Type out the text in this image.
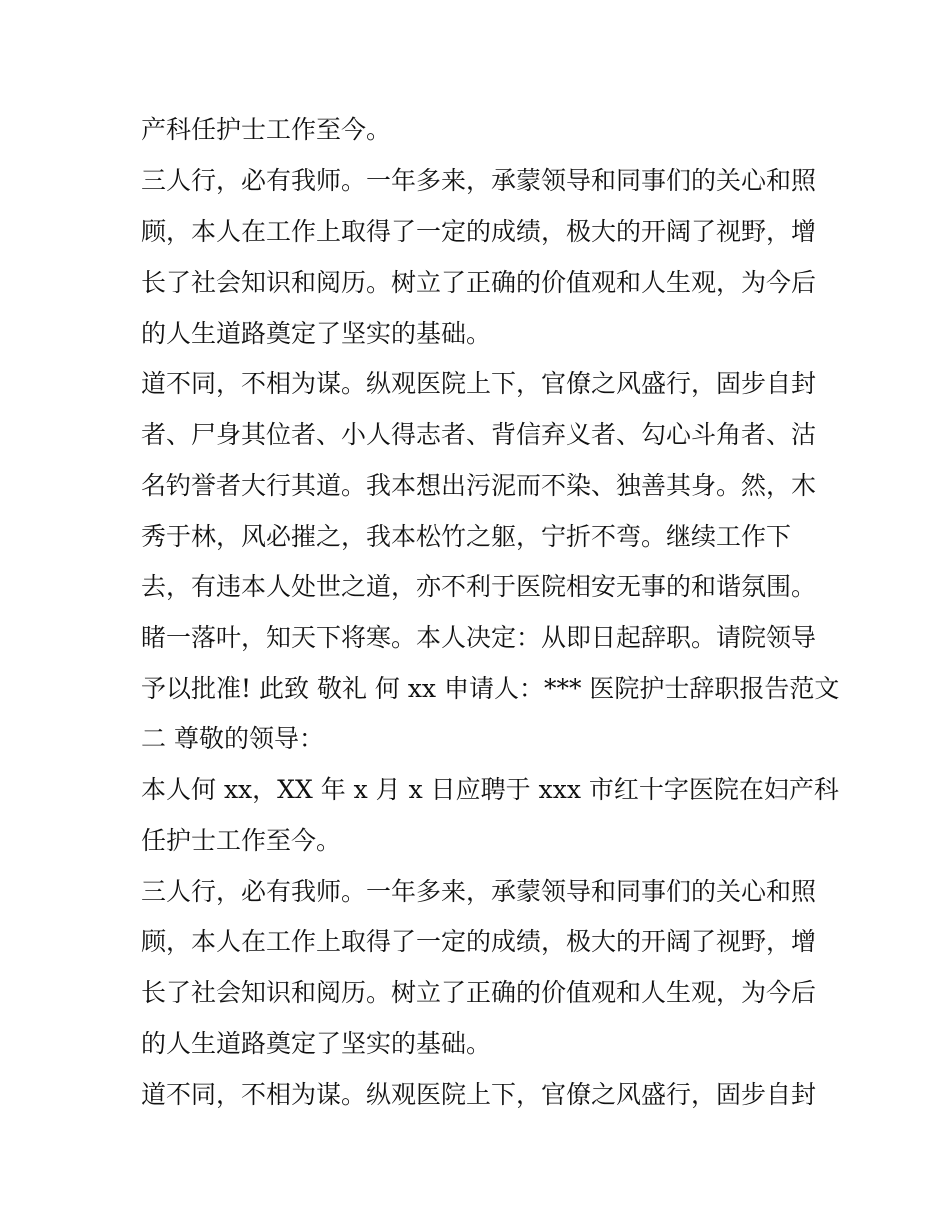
产科任护士工作至今。
三人行，必有我师。一年多来，承蒙领导和同事们的关心和照
顾，本人在工作上取得了一定的成绩，极大的开阔了视野，增
长了社会知识和阅历。树立了正确的价值观和人生观，为今后
的人生道路奠定了坚实的基础。
道不同，不相为谋。纵观医院上下，官僚之风盛行，固步自封
者、尸身其位者、小人得志者、背信弃义者、勾心斗角者、沽
名钓誉者大行其道。我本想出污泥而不染、独善其身。然，木
秀于林，风必摧之，我本松竹之躯，宁折不弯。继续工作下
去，有违本人处世之道，亦不利于医院相安无事的和谐氛围。
睹一落叶，知天下将寒。本人决定：从即日起辞职。请院领导
予以批准! 此致 敬礼 何 xx 申请人：*** 医院护士辞职报告范文
二 尊敬的领导：
本人何 xx，XX 年 x 月 x 日应聘于 xxx 市红十字医院在妇产科
任护士工作至今。
三人行，必有我师。一年多来，承蒙领导和同事们的关心和照
顾，本人在工作上取得了一定的成绩，极大的开阔了视野，增
长了社会知识和阅历。树立了正确的价值观和人生观，为今后
的人生道路奠定了坚实的基础。
道不同，不相为谋。纵观医院上下，官僚之风盛行，固步自封
